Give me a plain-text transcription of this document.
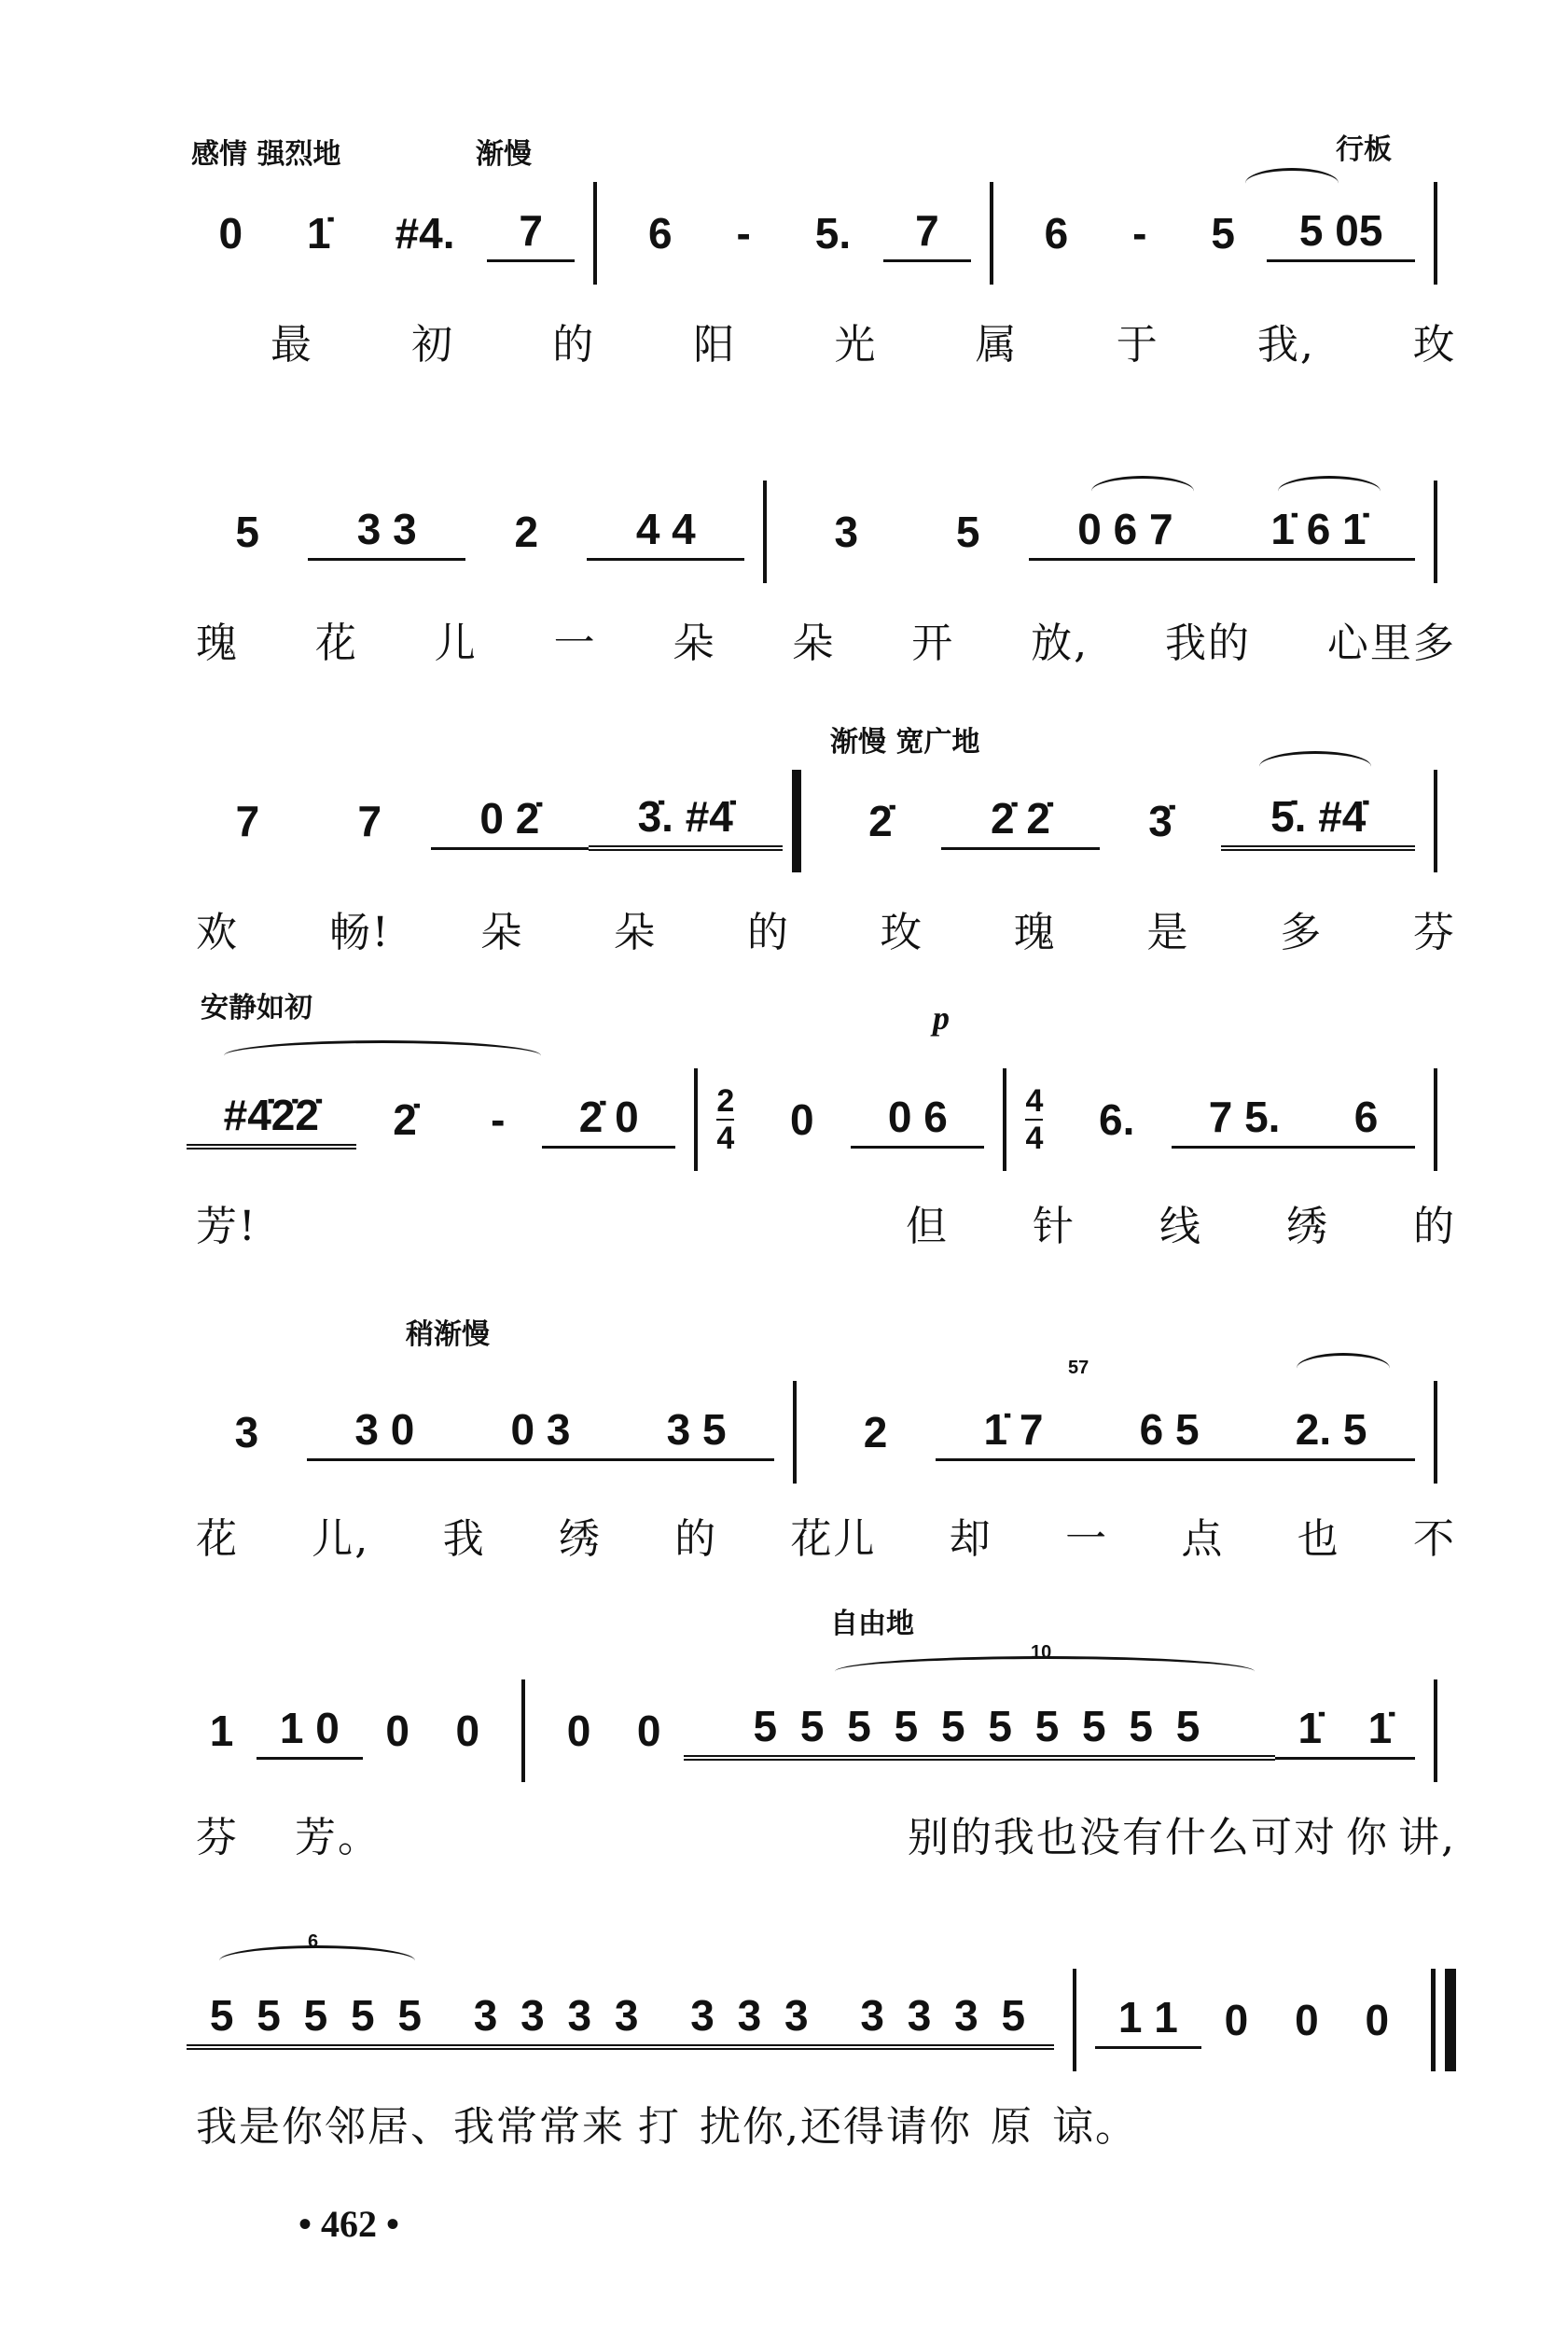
感情 强烈地	渐慢	行板
0	1̇	#4.	7	6	-	5.	7	6	-	5	5 05
最 初 的 阳 光 属 于 我, 玫
5	3 3	2	4 4	3	5	0 6 7	1̇ 6 1̇
瑰 花 儿 一 朵 朵 开 放, 我的 心里多
渐慢 宽广地
7	7	0 2̇	3̇. #4̇	2̇	2̇ 2̇	3̇	5̇. #4̇
欢 畅! 朵 朵 的 玫 瑰 是 多 芬
安静如初	p
#4̇2̇2̇	2̇	-	2̇ 0	2
4	0	0 6	4
4	6.	7 5.	6
芳!	但 针 线 绣 的
稍渐慢
57
3	3 0	0 3	3 5	2	1̇ 7	6 5	2. 5
花 儿, 我 绣 的 花儿 却 一 点 也 不
自由地
10
1	1 0	0	0	0	0	5 5 5 5 5 5 5 5 5 5	1̇	1̇
芬 芳。	别的我也没有什么可对 你 讲,
6
5 5 5 5 5	3 3 3 3	3 3 3	3 3 3 5	1 1	0	0	0
我是你邻居、我常常来 打 扰你,还得请你 原 谅。
• 462 •
